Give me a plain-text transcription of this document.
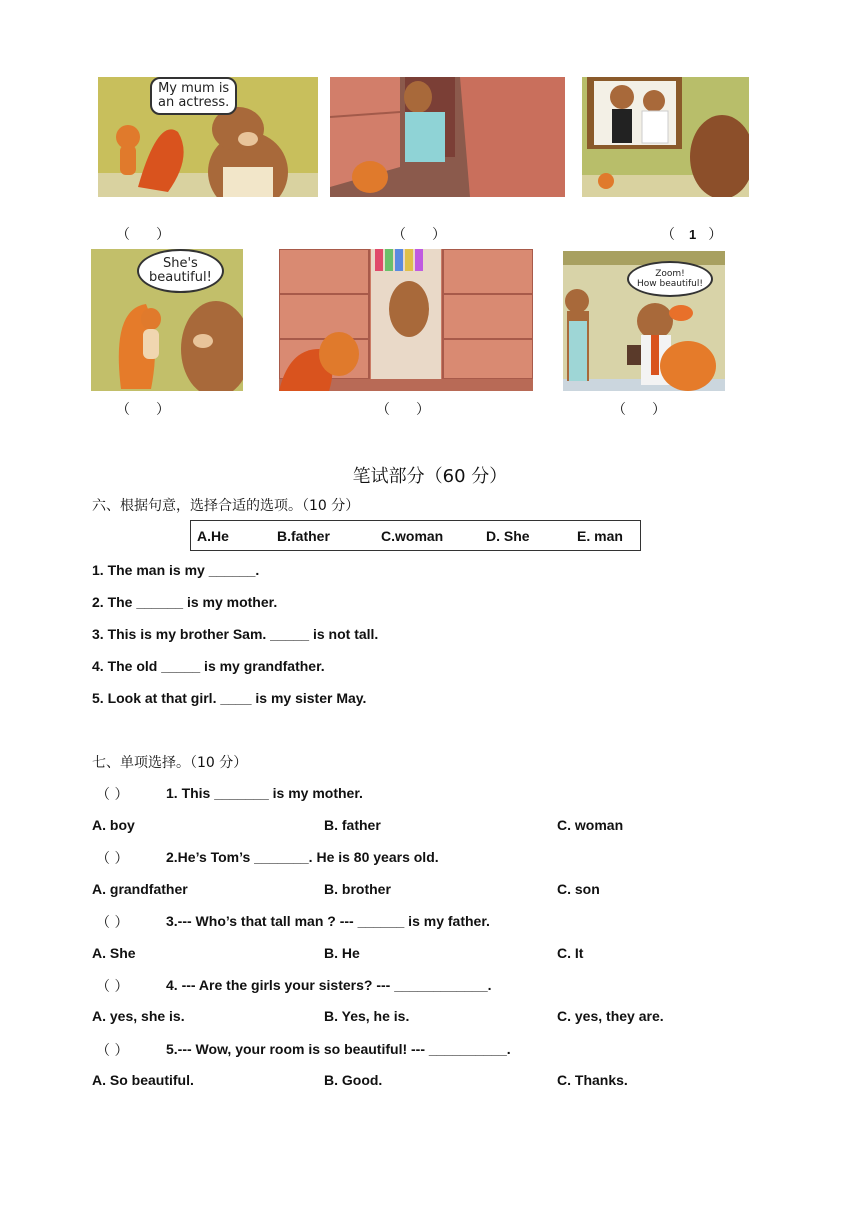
My mum is
an actress.
（ ）	（ ）	（ 1 ）
She's
beautiful!
（ ）	（ ）
Zoom!
How beautiful!
（ ）
笔试部分（60 分）
六、根据句意，选择合适的选项。（10 分）
A.He	B.father	C.woman	D. She	E. man
1. The man is my ______.
2. The ______ is my mother.
3. This is my brother Sam. _____ is not tall.
4. The old _____ is my grandfather.
5. Look at that girl. ____ is my sister May.
七、单项选择。（10 分）
（ ）	1. This _______ is my mother.
A. boy	B. father	C. woman
（ ）	2.He’s Tom’s _______. He is 80 years old.
A. grandfather	B. brother	C. son
（ ）	3.--- Who’s that tall man ? --- ______ is my father.
A. She	B. He	C. It
（ ）	4. --- Are the girls your sisters? --- ____________.
A. yes, she is.	B. Yes, he is.	C. yes, they are.
（ ）	5.--- Wow, your room is so beautiful! --- __________.
A. So beautiful.	B. Good.	C. Thanks.
